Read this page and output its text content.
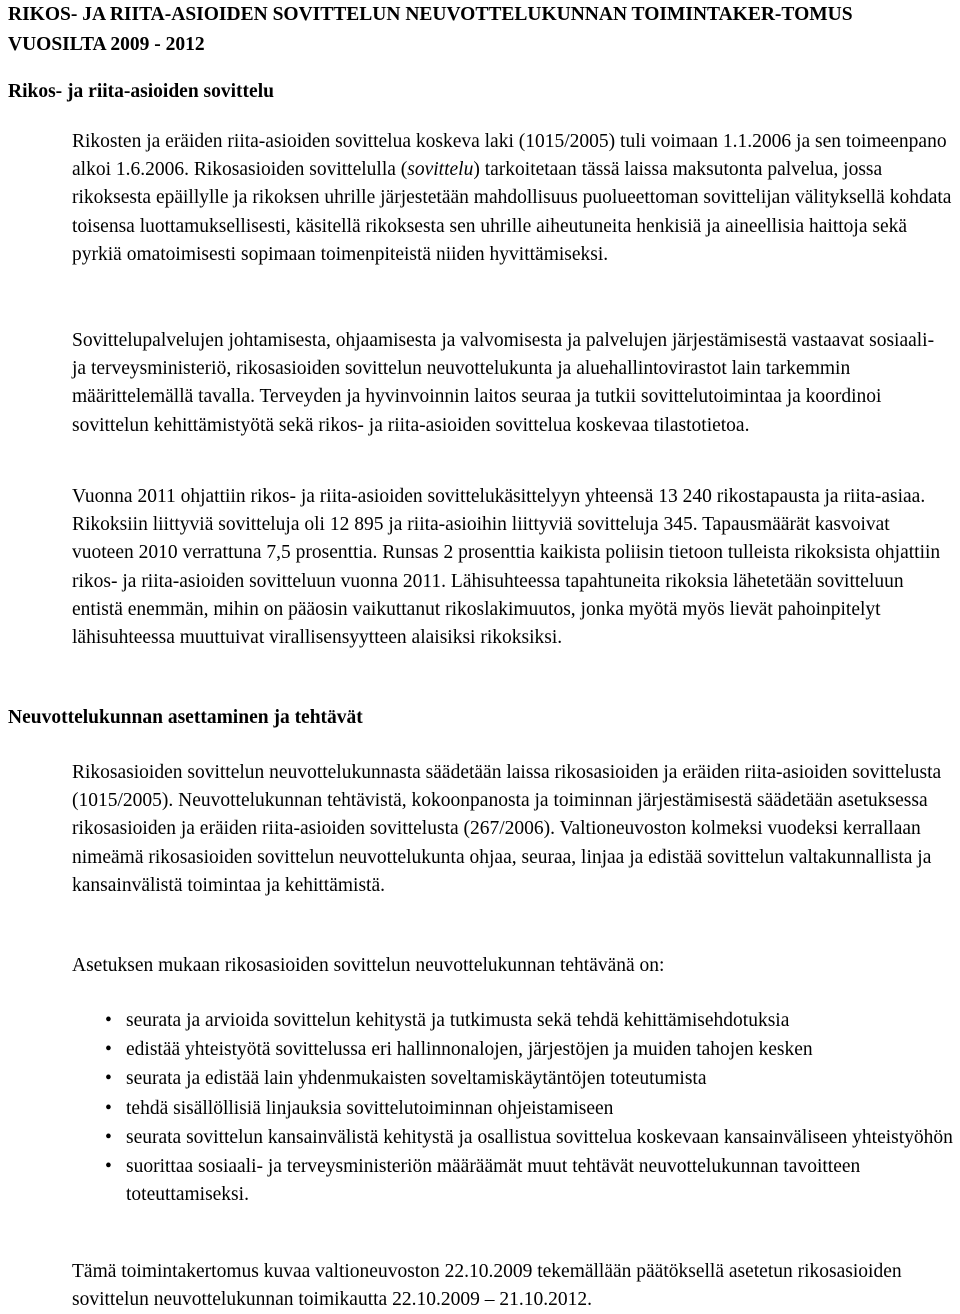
RIKOS- JA RIITA-ASIOIDEN SOVITTELUN NEUVOTTELUKUNNAN TOIMINTAKER-TOMUS VUOSILTA 2009 - 2012
Rikos- ja riita-asioiden sovittelu

Rikosten ja eräiden riita-asioiden sovittelua koskeva laki (1015/2005) tuli voimaan 1.1.2006 ja sen toimeenpano alkoi 1.6.2006. Rikosasioiden sovittelulla (sovittelu) tarkoitetaan tässä laissa maksutonta palvelua, jossa rikoksesta epäillylle ja rikoksen uhrille järjestetään mahdollisuus puolueettoman sovittelijan välityksellä kohdata toisensa luottamuksellisesti, käsitellä rikoksesta sen uhrille aiheutuneita henkisiä ja aineellisia haittoja sekä pyrkiä omatoimisesti sopimaan toimenpiteistä niiden hyvittämiseksi.

Sovittelupalvelujen johtamisesta, ohjaamisesta ja valvomisesta ja palvelujen järjestämisestä vastaavat sosiaali- ja terveysministeriö, rikosasioiden sovittelun neuvottelukunta ja aluehallintovirastot lain tarkemmin määrittelemällä tavalla. Terveyden ja hyvinvoinnin laitos seuraa ja tutkii sovittelutoimintaa ja koordinoi sovittelun kehittämistyötä sekä rikos- ja riita-asioiden sovittelua koskevaa tilastotietoa.

Vuonna 2011 ohjattiin rikos- ja riita-asioiden sovittelukäsittelyyn yhteensä 13 240 rikostapausta ja riita-asiaa. Rikoksiin liittyviä sovitteluja oli 12 895 ja riita-asioihin liittyviä sovitteluja 345. Tapausmäärät kasvoivat vuoteen 2010 verrattuna 7,5 prosenttia. Runsas 2 prosenttia kaikista poliisin tietoon tulleista rikoksista ohjattiin rikos- ja riita-asioiden sovitteluun vuonna 2011. Lähisuhteessa tapahtuneita rikoksia lähetetään sovitteluun entistä enemmän, mihin on pääosin vaikuttanut rikoslakimuutos, jonka myötä myös lievät pahoinpitelyt lähisuhteessa muuttuivat virallisensyytteen alaisiksi rikoksiksi.

Neuvottelukunnan asettaminen ja tehtävät

Rikosasioiden sovittelun neuvottelukunnasta säädetään laissa rikosasioiden ja eräiden riita-asioiden sovittelusta (1015/2005). Neuvottelukunnan tehtävistä, kokoonpanosta ja toiminnan järjestämisestä säädetään asetuksessa rikosasioiden ja eräiden riita-asioiden sovittelusta (267/2006). Valtioneuvoston kolmeksi vuodeksi kerrallaan nimeämä rikosasioiden sovittelun neuvottelukunta ohjaa, seuraa, linjaa ja edistää sovittelun valtakunnallista ja kansainvälistä toimintaa ja kehittämistä.

Asetuksen mukaan rikosasioiden sovittelun neuvottelukunnan tehtävänä on:

• seurata ja arvioida sovittelun kehitystä ja tutkimusta sekä tehdä kehittämisehdotuksia
• edistää yhteistyötä sovittelussa eri hallinnonalojen, järjestöjen ja muiden tahojen kesken
• seurata ja edistää lain yhdenmukaisten soveltamiskäytäntöjen toteutumista
• tehdä sisällöllisiä linjauksia sovittelutoiminnan ohjeistamiseen
• seurata sovittelun kansainvälistä kehitystä ja osallistua sovittelua koskevaan kansainväliseen yhteistyöhön
• suorittaa sosiaali- ja terveysministeriön määräämät muut tehtävät neuvottelukunnan tavoitteen toteuttamiseksi.

Tämä toimintakertomus kuvaa valtioneuvoston 22.10.2009 tekemällään päätöksellä asetetun rikosasioiden sovittelun neuvottelukunnan toimikautta 22.10.2009 – 21.10.2012.
